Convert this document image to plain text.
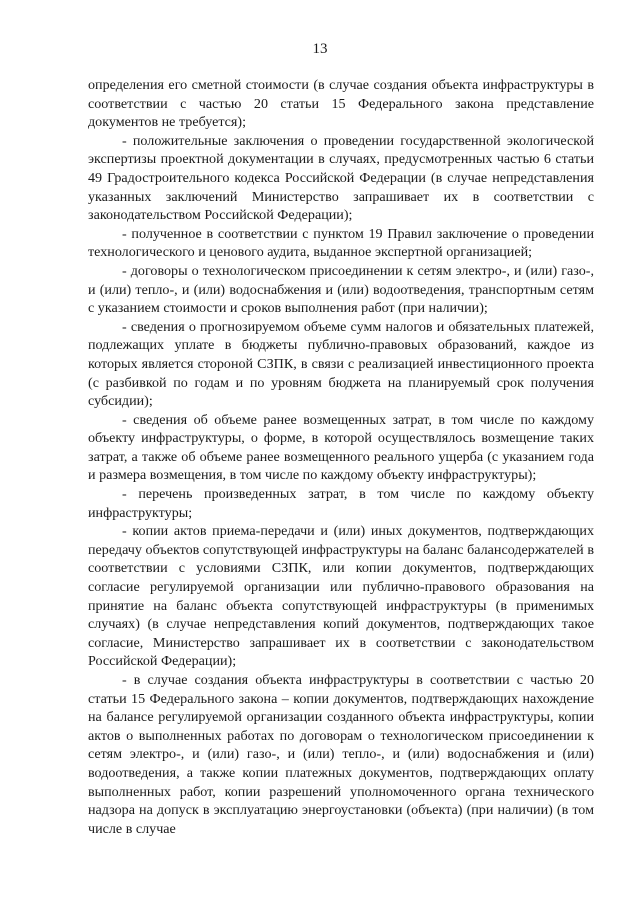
13

определения его сметной стоимости (в случае создания объекта инфраструктуры в соответствии с частью 20 статьи 15 Федерального закона представление документов не требуется);

- положительные заключения о проведении государственной экологической экспертизы проектной документации в случаях, предусмотренных частью 6 статьи 49 Градостроительного кодекса Российской Федерации (в случае непредставления указанных заключений Министерство запрашивает их в соответствии с законодательством Российской Федерации);

- полученное в соответствии с пунктом 19 Правил заключение о проведении технологического и ценового аудита, выданное экспертной организацией;

- договоры о технологическом присоединении к сетям электро-, и (или) газо-, и (или) тепло-, и (или) водоснабжения и (или) водоотведения, транспортным сетям с указанием стоимости и сроков выполнения работ (при наличии);

- сведения о прогнозируемом объеме сумм налогов и обязательных платежей, подлежащих уплате в бюджеты публично-правовых образований, каждое из которых является стороной СЗПК, в связи с реализацией инвестиционного проекта (с разбивкой по годам и по уровням бюджета на планируемый срок получения субсидии);

- сведения об объеме ранее возмещенных затрат, в том числе по каждому объекту инфраструктуры, о форме, в которой осуществлялось возмещение таких затрат, а также об объеме ранее возмещенного реального ущерба (с указанием года и размера возмещения, в том числе по каждому объекту инфраструктуры);

- перечень произведенных затрат, в том числе по каждому объекту инфраструктуры;

- копии актов приема-передачи и (или) иных документов, подтверждающих передачу объектов сопутствующей инфраструктуры на баланс балансодержателей в соответствии с условиями СЗПК, или копии документов, подтверждающих согласие регулируемой организации или публично-правового образования на принятие на баланс объекта сопутствующей инфраструктуры (в применимых случаях) (в случае непредставления копий документов, подтверждающих такое согласие, Министерство запрашивает их в соответствии с законодательством Российской Федерации);

- в случае создания объекта инфраструктуры в соответствии с частью 20 статьи 15 Федерального закона – копии документов, подтверждающих нахождение на балансе регулируемой организации созданного объекта инфраструктуры, копии актов о выполненных работах по договорам о технологическом присоединении к сетям электро-, и (или) газо-, и (или) тепло-, и (или) водоснабжения и (или) водоотведения, а также копии платежных документов, подтверждающих оплату выполненных работ, копии разрешений уполномоченного органа технического надзора на допуск в эксплуатацию энергоустановки (объекта) (при наличии) (в том числе в случае
